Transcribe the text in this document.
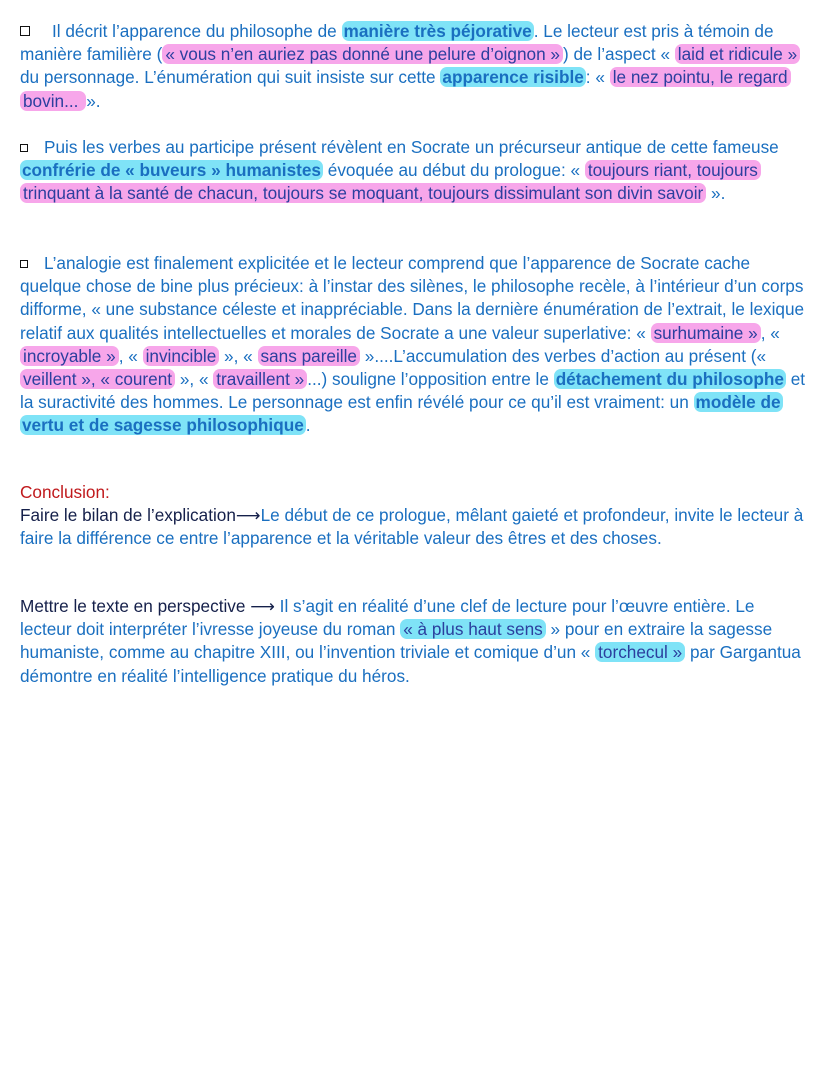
Il décrit l’apparence du philosophe de manière très péjorative . Le lecteur est pris à témoin de manière familière ( « vous n’en auriez pas donné une pelure d’oignon » ) de l’aspect « laid et ridicule » du personnage. L’énumération qui suit insiste sur cette apparence risible : « le nez pointu, le regard bovin... ».

Puis les verbes au participe présent révèlent en Socrate un précurseur antique de cette fameuse confrérie de « buveurs » humanistes évoquée au début du prologue: « toujours riant, toujours trinquant à la santé de chacun, toujours se moquant, toujours dissimulant son divin savoir ».

L’analogie est finalement explicitée et le lecteur comprend que l’apparence de Socrate cache quelque chose de bine plus précieux: à l’instar des silènes, le philosophe recèle, à l’intérieur d’un corps difforme, « une substance céleste et inappréciable. Dans la dernière énumération de l’extrait, le lexique relatif aux qualités intellectuelles et morales de Socrate a une valeur superlative: « surhumaine » , « incroyable » , « invincible », « sans pareille »....L’accumulation des verbes d’action au présent (« veillent », « courent », « travaillent » ...) souligne l’opposition entre le détachement du philosophe et la suractivité des hommes. Le personnage est enfin révélé pour ce qu’il est vraiment: un modèle de vertu et de sagesse philosophique .

Conclusion:

Faire le bilan de l’explication⟶Le début de ce prologue, mêlant gaieté et profondeur, invite le lecteur à faire la différence ce entre l’apparence et la véritable valeur des êtres et des choses.

Mettre le texte en perspective ⟶ Il s’agit en réalité d’une clef de lecture pour l’œuvre entière. Le lecteur doit interpréter l’ivresse joyeuse du roman « à plus haut sens » pour en extraire la sagesse humaniste, comme au chapitre XIII, ou l’invention triviale et comique d’un « torchecul » par Gargantua démontre en réalité l’intelligence pratique du héros.
